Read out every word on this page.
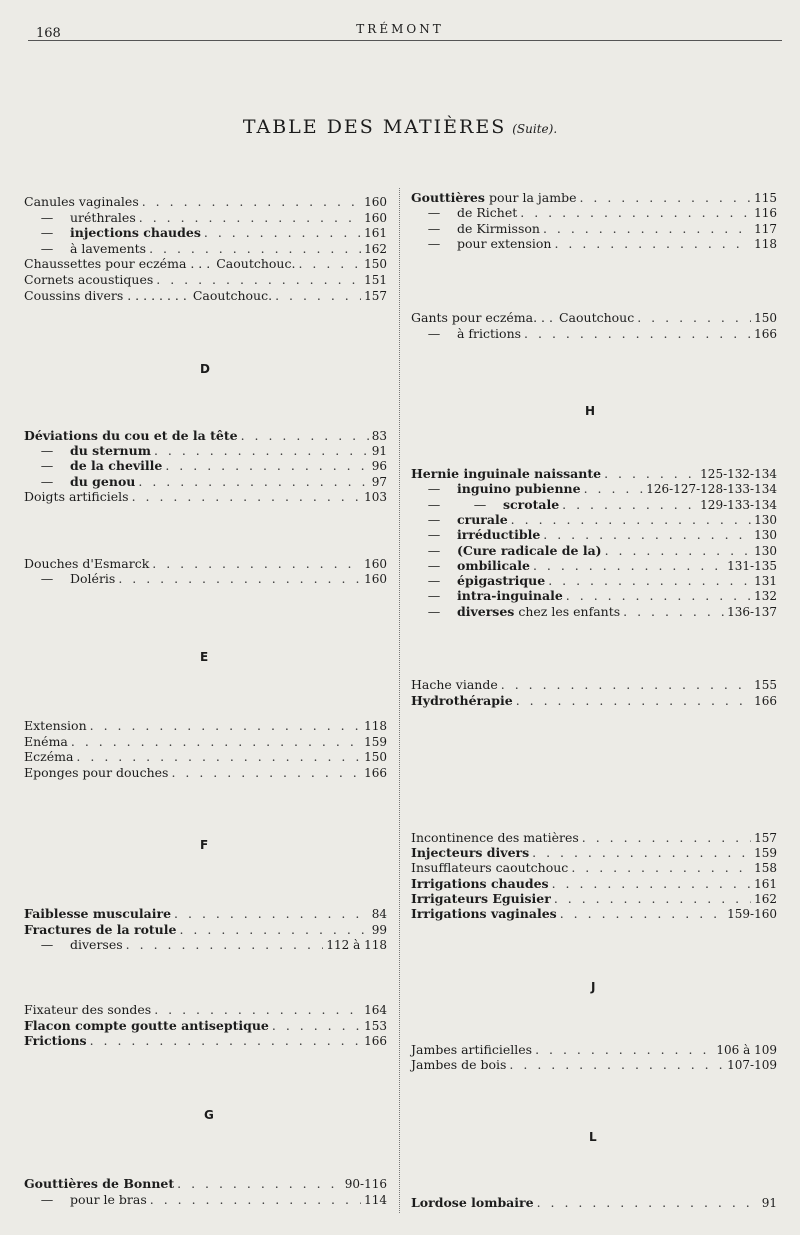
168	TRÉMONT
TABLE DES MATIÈRES (Suite).
Canules vaginales . . .	160
—	uréthrales . . .	160
—	injections chaudes . . .	161
—	à lavements . . .	162
Chaussettes pour eczéma . . . Caoutchouc. . . .	150
Cornets acoustiques . . .	151
Coussins divers . . . . . . . . Caoutchouc. . . .	157
D
Déviations du cou et de la tête . . .	83
—	du sternum . . .	91
—	de la cheville . . .	96
—	du genou . . .	97
Doigts artificiels . . .	103
Douches d'Esmarck . . .	160
—	Doléris . . .	160
E
Extension . . .	118
Enéma . . .	159
Eczéma . . .	150
Eponges pour douches . . .	166
F
Faiblesse musculaire . . .	84
Fractures de la rotule . . .	99
—	diverses . . .	112 à 118
Fixateur des sondes . . .	164
Flacon compte goutte antiseptique . . .	153
Frictions . . .	166
G
Gouttières de Bonnet . . .	90-116
—	pour le bras . . .	114
Gouttières pour la jambe . . .	115
—	de Richet . . .	116
—	de Kirmisson . . .	117
—	pour extension . . .	118
Gants pour eczéma. . . Caoutchouc . . .	150
—	à frictions . . .	166
H
Hernie inguinale naissante . . .	125-132-134
—	inguino pubienne . . .	126-127-128-133-134
—	—	scrotale . . .	129-133-134
—	crurale . . .	130
—	irréductible . . .	130
—	(Cure radicale de la) . . .	130
—	ombilicale . . .	131-135
—	épigastrique . . .	131
—	intra-inguinale . . .	132
—	diverses chez les enfants . . .	136-137
Hache viande . . .	155
Hydrothérapie . . .	166
Incontinence des matières . . .	157
Injecteurs divers . . .	159
Insufflateurs caoutchouc . . .	158
Irrigations chaudes . . .	161
Irrigateurs Eguisier . . .	162
Irrigations vaginales . . .	159-160
J
Jambes artificielles . . .	106 à 109
Jambes de bois . . .	107-109
L
Lordose lombaire . . .	91
